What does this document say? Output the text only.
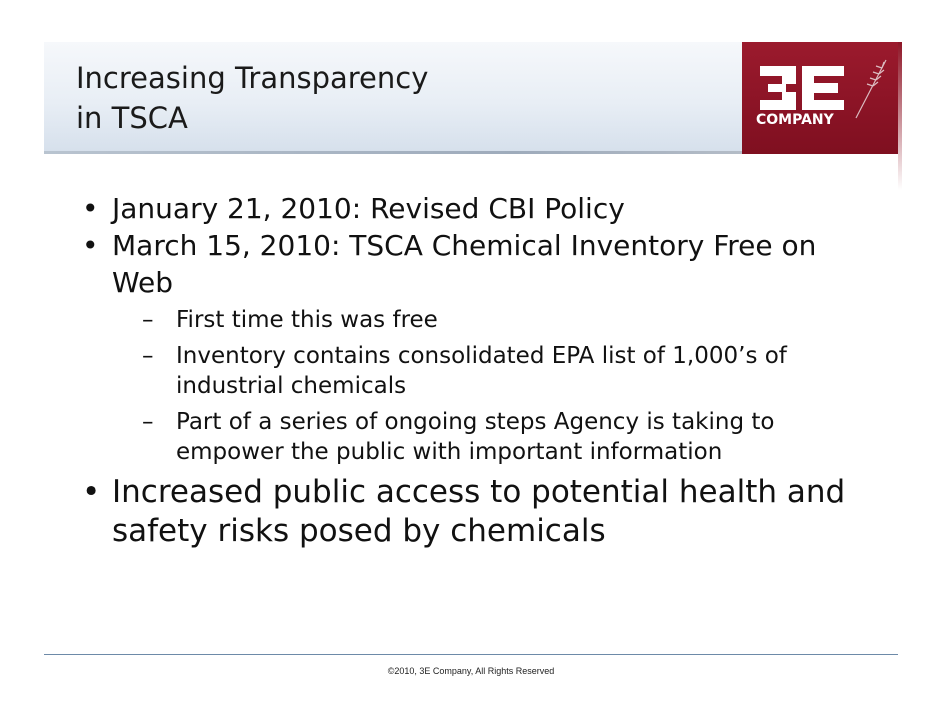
Increasing Transparency
in TSCA	COMPANY
• January 21, 2010: Revised CBI Policy
• March 15, 2010: TSCA Chemical Inventory Free on Web
– First time this was free
– Inventory contains consolidated EPA list of 1,000’s of industrial chemicals
– Part of a series of ongoing steps Agency is taking to empower the public with important information
• Increased public access to potential health and safety risks posed by chemicals
©2010, 3E Company, All Rights Reserved
